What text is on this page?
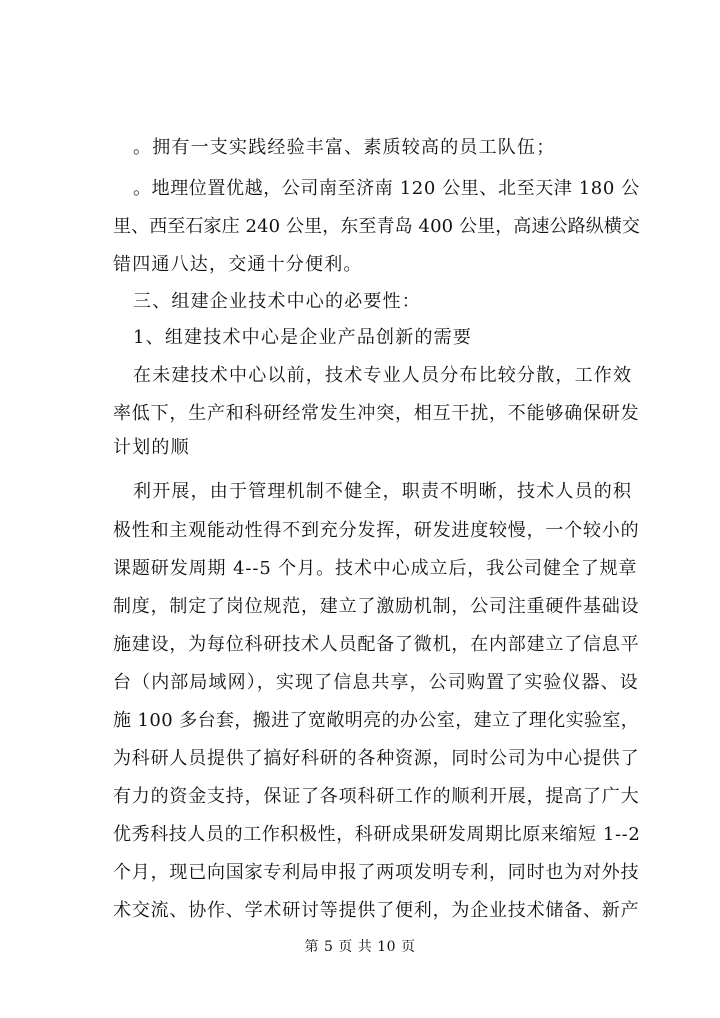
。拥有一支实践经验丰富、素质较高的员工队伍；
。地理位置优越，公司南至济南 120 公里、北至天津 180 公
里、西至石家庄 240 公里，东至青岛 400 公里，高速公路纵横交
错四通八达，交通十分便利。
三、组建企业技术中心的必要性：
1、组建技术中心是企业产品创新的需要
在未建技术中心以前，技术专业人员分布比较分散，工作效
率低下，生产和科研经常发生冲突，相互干扰，不能够确保研发
计划的顺
利开展，由于管理机制不健全，职责不明晰，技术人员的积
极性和主观能动性得不到充分发挥，研发进度较慢，一个较小的
课题研发周期 4--5 个月。技术中心成立后，我公司健全了规章
制度，制定了岗位规范，建立了激励机制，公司注重硬件基础设
施建设，为每位科研技术人员配备了微机，在内部建立了信息平
台（内部局域网），实现了信息共享，公司购置了实验仪器、设
施 100 多台套，搬进了宽敞明亮的办公室，建立了理化实验室，
为科研人员提供了搞好科研的各种资源，同时公司为中心提供了
有力的资金支持，保证了各项科研工作的顺利开展，提高了广大
优秀科技人员的工作积极性，科研成果研发周期比原来缩短 1--2
个月，现已向国家专利局申报了两项发明专利，同时也为对外技
术交流、协作、学术研讨等提供了便利，为企业技术储备、新产
第 5 页 共 10 页
